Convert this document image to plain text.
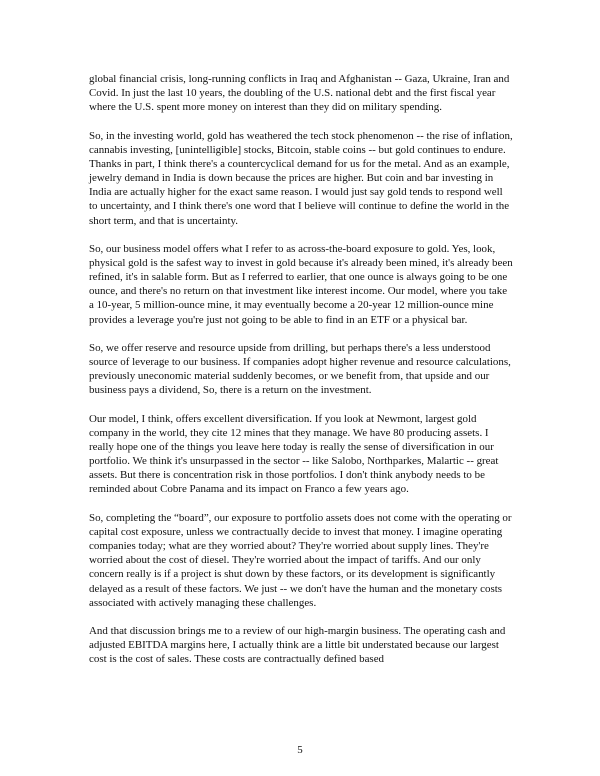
global financial crisis, long-running conflicts in Iraq and Afghanistan -- Gaza, Ukraine, Iran and Covid. In just the last 10 years, the doubling of the U.S. national debt and the first fiscal year where the U.S. spent more money on interest than they did on military spending.

So, in the investing world, gold has weathered the tech stock phenomenon -- the rise of inflation, cannabis investing, [unintelligible] stocks, Bitcoin, stable coins -- but gold continues to endure. Thanks in part, I think there's a countercyclical demand for us for the metal. And as an example, jewelry demand in India is down because the prices are higher. But coin and bar investing in India are actually higher for the exact same reason. I would just say gold tends to respond well to uncertainty, and I think there's one word that I believe will continue to define the world in the short term, and that is uncertainty.

So, our business model offers what I refer to as across-the-board exposure to gold. Yes, look, physical gold is the safest way to invest in gold because it's already been mined, it's already been refined, it's in salable form. But as I referred to earlier, that one ounce is always going to be one ounce, and there's no return on that investment like interest income. Our model, where you take a 10-year, 5 million-ounce mine, it may eventually become a 20-year 12 million-ounce mine provides a leverage you're just not going to be able to find in an ETF or a physical bar.

So, we offer reserve and resource upside from drilling, but perhaps there's a less understood source of leverage to our business. If companies adopt higher revenue and resource calculations, previously uneconomic material suddenly becomes, or we benefit from, that upside and our business pays a dividend, So, there is a return on the investment.

Our model, I think, offers excellent diversification. If you look at Newmont, largest gold company in the world, they cite 12 mines that they manage. We have 80 producing assets. I really hope one of the things you leave here today is really the sense of diversification in our portfolio. We think it's unsurpassed in the sector -- like Salobo, Northparkes, Malartic -- great assets. But there is concentration risk in those portfolios. I don't think anybody needs to be reminded about Cobre Panama and its impact on Franco a few years ago.

So, completing the “board”, our exposure to portfolio assets does not come with the operating or capital cost exposure, unless we contractually decide to invest that money. I imagine operating companies today; what are they worried about? They're worried about supply lines. They're worried about the cost of diesel. They're worried about the impact of tariffs. And our only concern really is if a project is shut down by these factors, or its development is significantly delayed as a result of these factors. We just -- we don't have the human and the monetary costs associated with actively managing these challenges.

And that discussion brings me to a review of our high-margin business. The operating cash and adjusted EBITDA margins here, I actually think are a little bit understated because our largest cost is the cost of sales. These costs are contractually defined based

5
